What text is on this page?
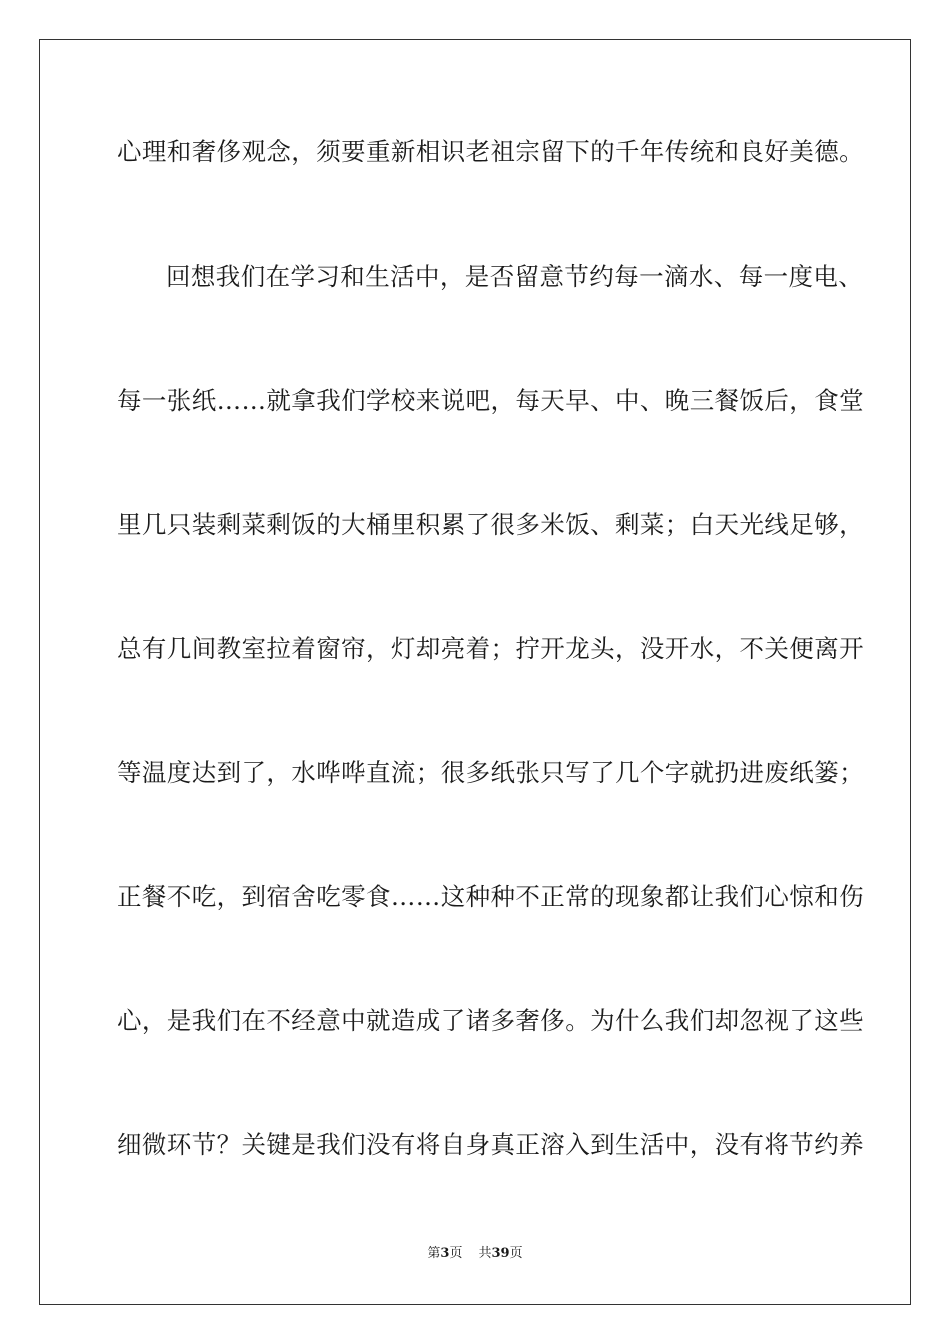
心理和奢侈观念，须要重新相识老祖宗留下的千年传统和良好美德。
回想我们在学习和生活中，是否留意节约每一滴水、每一度电、
每一张纸……就拿我们学校来说吧，每天早、中、晚三餐饭后，食堂
里几只装剩菜剩饭的大桶里积累了很多米饭、剩菜；白天光线足够，
总有几间教室拉着窗帘，灯却亮着；拧开龙头，没开水，不关便离开
等温度达到了，水哗哗直流；很多纸张只写了几个字就扔进废纸篓；
正餐不吃，到宿舍吃零食……这种种不正常的现象都让我们心惊和伤
心，是我们在不经意中就造成了诸多奢侈。为什么我们却忽视了这些
细微环节？关键是我们没有将自身真正溶入到生活中，没有将节约养
第3页 共39页
